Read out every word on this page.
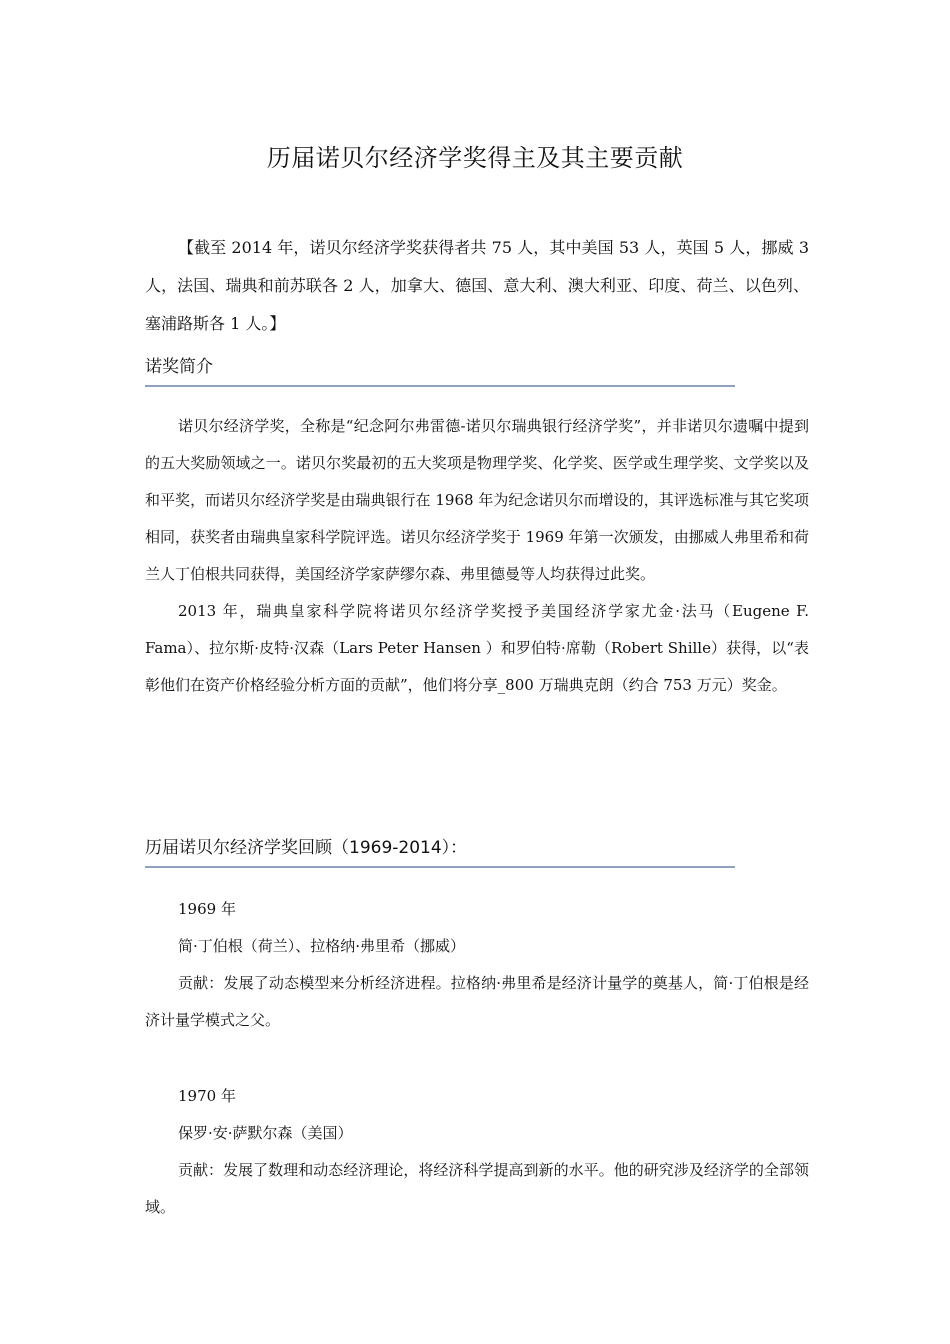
历届诺贝尔经济学奖得主及其主要贡献
【截至 2014 年，诺贝尔经济学奖获得者共 75 人，其中美国 53 人，英国 5 人，挪威 3 人，法国、瑞典和前苏联各 2 人，加拿大、德国、意大利、澳大利亚、印度、荷兰、以色列、塞浦路斯各 1 人。】
诺奖简介

诺贝尔经济学奖，全称是“纪念阿尔弗雷德-诺贝尔瑞典银行经济学奖”，并非诺贝尔遗嘱中提到的五大奖励领域之一。诺贝尔奖最初的五大奖项是物理学奖、化学奖、医学或生理学奖、文学奖以及和平奖，而诺贝尔经济学奖是由瑞典银行在 1968 年为纪念诺贝尔而增设的，其评选标准与其它奖项相同，获奖者由瑞典皇家科学院评选。诺贝尔经济学奖于 1969 年第一次颁发，由挪威人弗里希和荷兰人丁伯根共同获得，美国经济学家萨缪尔森、弗里德曼等人均获得过此奖。

2013 年，瑞典皇家科学院将诺贝尔经济学奖授予美国经济学家尤金·法马（Eugene F. Fama）、拉尔斯·皮特·汉森（Lars Peter Hansen ）和罗伯特·席勒（Robert Shille）获得，以“表彰他们在资产价格经验分析方面的贡献”，他们将分享_800 万瑞典克朗（约合 753 万元）奖金。

历届诺贝尔经济学奖回顾（1969-2014）：

1969 年

简·丁伯根（荷兰）、拉格纳·弗里希（挪威）

贡献：发展了动态模型来分析经济进程。拉格纳·弗里希是经济计量学的奠基人，简·丁伯根是经济计量学模式之父。

1970 年

保罗·安·萨默尔森（美国）

贡献：发展了数理和动态经济理论，将经济科学提高到新的水平。他的研究涉及经济学的全部领域。
